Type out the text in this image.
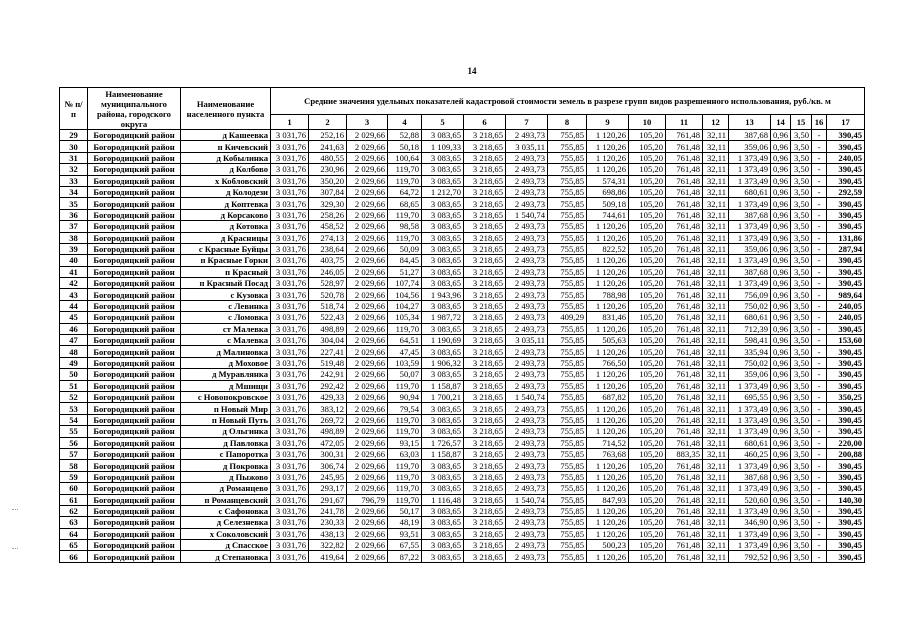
14
№ п/п	Наименование муниципального района, городского округа	Наименование населенного пункта	Средние значения удельных показателей кадастровой стоимости земель в разрезе групп видов разрешенного использования, руб./кв. м																
			1	2	3	4	5	6	7	8	9	10	11	12	13	14	15	16	17
29	Богородицкий район	д Кашеевка	3 031,76	252,16	2 029,66	52,88	3 083,65	3 218,65	2 493,73	755,85	1 120,26	105,20	761,48	32,11	387,68	0,96	3,50	-	390,45
30	Богородицкий район	п Кичевский	3 031,76	241,63	2 029,66	50,18	1 109,33	3 218,65	3 035,11	755,85	1 120,26	105,20	761,48	32,11	359,06	0,96	3,50	-	390,45
31	Богородицкий район	д Кобылинка	3 031,76	480,55	2 029,66	100,64	3 083,65	3 218,65	2 493,73	755,85	1 120,26	105,20	761,48	32,11	1 373,49	0,96	3,50	-	240,05
32	Богородицкий район	д Колбово	3 031,76	230,96	2 029,66	119,70	3 083,65	3 218,65	2 493,73	755,85	1 120,26	105,20	761,48	32,11	1 373,49	0,96	3,50	-	390,45
33	Богородицкий район	х Кобловский	3 031,76	350,20	2 029,66	119,70	3 083,65	3 218,65	2 493,73	755,85	574,31	105,20	761,48	32,11	1 373,49	0,96	3,50	-	390,45
34	Богородицкий район	д Колодези	3 031,76	307,84	2 029,66	64,72	1 212,70	3 218,65	2 493,73	755,85	698,86	105,20	761,48	32,11	680,61	0,96	3,50	-	292,59
35	Богородицкий район	д Коптевка	3 031,76	329,30	2 029,66	68,65	3 083,65	3 218,65	2 493,73	755,85	509,18	105,20	761,48	32,11	1 373,49	0,96	3,50	-	390,45
36	Богородицкий район	д Корсаково	3 031,76	258,26	2 029,66	119,70	3 083,65	3 218,65	1 540,74	755,85	744,61	105,20	761,48	32,11	387,68	0,96	3,50	-	390,45
37	Богородицкий район	д Котовка	3 031,76	458,52	2 029,66	98,58	3 083,65	3 218,65	2 493,73	755,85	1 120,26	105,20	761,48	32,11	1 373,49	0,96	3,50	-	390,45
38	Богородицкий район	д Красницы	3 031,76	274,13	2 029,66	119,70	3 083,65	3 218,65	2 493,73	755,85	1 120,26	105,20	761,48	32,11	1 373,49	0,96	3,50	-	131,86
39	Богородицкий район	с Красные Буйцы	3 031,76	238,64	2 029,66	50,09	3 083,65	3 218,65	2 493,73	755,85	822,52	105,20	761,48	32,11	359,06	0,96	3,50	-	287,94
40	Богородицкий район	п Красные Горки	3 031,76	403,75	2 029,66	84,45	3 083,65	3 218,65	2 493,73	755,85	1 120,26	105,20	761,48	32,11	1 373,49	0,96	3,50	-	390,45
41	Богородицкий район	п Красный	3 031,76	246,05	2 029,66	51,27	3 083,65	3 218,65	2 493,73	755,85	1 120,26	105,20	761,48	32,11	387,68	0,96	3,50	-	390,45
42	Богородицкий район	п Красный Посад	3 031,76	528,97	2 029,66	107,74	3 083,65	3 218,65	2 493,73	755,85	1 120,26	105,20	761,48	32,11	1 373,49	0,96	3,50	-	390,45
43	Богородицкий район	с Кузовка	3 031,76	520,78	2 029,66	104,56	1 943,96	3 218,65	2 493,73	755,85	788,98	105,20	761,48	32,11	756,09	0,96	3,50	-	989,64
44	Богородицкий район	с Левинка	3 031,76	518,74	2 029,66	104,27	3 083,65	3 218,65	2 493,73	755,85	1 120,26	105,20	761,48	32,11	750,02	0,96	3,50	-	240,05
45	Богородицкий район	с Ломовка	3 031,76	522,43	2 029,66	105,34	1 987,72	3 218,65	2 493,73	409,29	831,46	105,20	761,48	32,11	680,61	0,96	3,50	-	240,05
46	Богородицкий район	ст Малевка	3 031,76	498,89	2 029,66	119,70	3 083,65	3 218,65	2 493,73	755,85	1 120,26	105,20	761,48	32,11	712,39	0,96	3,50	-	390,45
47	Богородицкий район	с Малевка	3 031,76	304,04	2 029,66	64,51	1 190,69	3 218,65	3 035,11	755,85	505,63	105,20	761,48	32,11	598,41	0,96	3,50	-	153,60
48	Богородицкий район	д Малиновка	3 031,76	227,41	2 029,66	47,45	3 083,65	3 218,65	2 493,73	755,85	1 120,26	105,20	761,48	32,11	335,94	0,96	3,50	-	390,45
49	Богородицкий район	д Моховое	3 031,76	519,48	2 029,66	103,59	1 906,32	3 218,65	2 493,73	755,85	766,50	105,20	761,48	32,11	750,02	0,96	3,50	-	390,45
50	Богородицкий район	д Муравлянка	3 031,76	242,91	2 029,66	50,07	3 083,65	3 218,65	2 493,73	755,85	1 120,26	105,20	761,48	32,11	359,06	0,96	3,50	-	390,45
51	Богородицкий район	д Мшищи	3 031,76	292,42	2 029,66	119,70	1 158,87	3 218,65	2 493,73	755,85	1 120,26	105,20	761,48	32,11	1 373,49	0,96	3,50	-	390,45
52	Богородицкий район	с Новопокровское	3 031,76	429,33	2 029,66	90,94	1 700,21	3 218,65	1 540,74	755,85	687,82	105,20	761,48	32,11	695,55	0,96	3,50	-	350,25
53	Богородицкий район	п Новый Мир	3 031,76	383,12	2 029,66	79,54	3 083,65	3 218,65	2 493,73	755,85	1 120,26	105,20	761,48	32,11	1 373,49	0,96	3,50	-	390,45
54	Богородицкий район	п Новый Путь	3 031,76	269,72	2 029,66	119,70	3 083,65	3 218,65	2 493,73	755,85	1 120,26	105,20	761,48	32,11	1 373,49	0,96	3,50	-	390,45
55	Богородицкий район	д Ольгинка	3 031,76	498,89	2 029,66	119,70	3 083,65	3 218,65	2 493,73	755,85	1 120,26	105,20	761,48	32,11	1 373,49	0,96	3,50	-	390,45
56	Богородицкий район	д Павловка	3 031,76	472,05	2 029,66	93,15	1 726,57	3 218,65	2 493,73	755,85	714,52	105,20	761,48	32,11	680,61	0,96	3,50	-	220,00
57	Богородицкий район	с Папоротка	3 031,76	300,31	2 029,66	63,03	1 158,87	3 218,65	2 493,73	755,85	763,68	105,20	883,35	32,11	460,25	0,96	3,50	-	200,88
58	Богородицкий район	д Покровка	3 031,76	306,74	2 029,66	119,70	3 083,65	3 218,65	2 493,73	755,85	1 120,26	105,20	761,48	32,11	1 373,49	0,96	3,50	-	390,45
59	Богородицкий район	д Пыжово	3 031,76	245,95	2 029,66	119,70	3 083,65	3 218,65	2 493,73	755,85	1 120,26	105,20	761,48	32,11	387,68	0,96	3,50	-	390,45
60	Богородицкий район	д Романцево	3 031,76	293,17	2 029,66	119,70	3 083,65	3 218,65	2 493,73	755,85	1 120,26	105,20	761,48	32,11	1 373,49	0,96	3,50	-	390,45
61	Богородицкий район	п Романцевский	3 031,76	291,67	796,79	119,70	1 116,48	3 218,65	1 540,74	755,85	847,93	105,20	761,48	32,11	520,60	0,96	3,50	-	140,30
62	Богородицкий район	с Сафоновка	3 031,76	241,78	2 029,66	50,17	3 083,65	3 218,65	2 493,73	755,85	1 120,26	105,20	761,48	32,11	1 373,49	0,96	3,50	-	390,45
63	Богородицкий район	д Селезневка	3 031,76	230,33	2 029,66	48,19	3 083,65	3 218,65	2 493,73	755,85	1 120,26	105,20	761,48	32,11	346,90	0,96	3,50	-	390,45
64	Богородицкий район	х Соколовский	3 031,76	438,13	2 029,66	93,51	3 083,65	3 218,65	2 493,73	755,85	1 120,26	105,20	761,48	32,11	1 373,49	0,96	3,50	-	390,45
65	Богородицкий район	д Спасское	3 031,76	322,82	2 029,66	67,55	3 083,65	3 218,65	2 493,73	755,85	500,23	105,20	761,48	32,11	1 373,49	0,96	3,50	-	390,45
66	Богородицкий район	д Степановка	3 031,76	419,64	2 029,66	87,22	3 083,65	3 218,65	2 493,73	755,85	1 120,26	105,20	761,48	32,11	792,52	0,96	3,50	-	390,45
